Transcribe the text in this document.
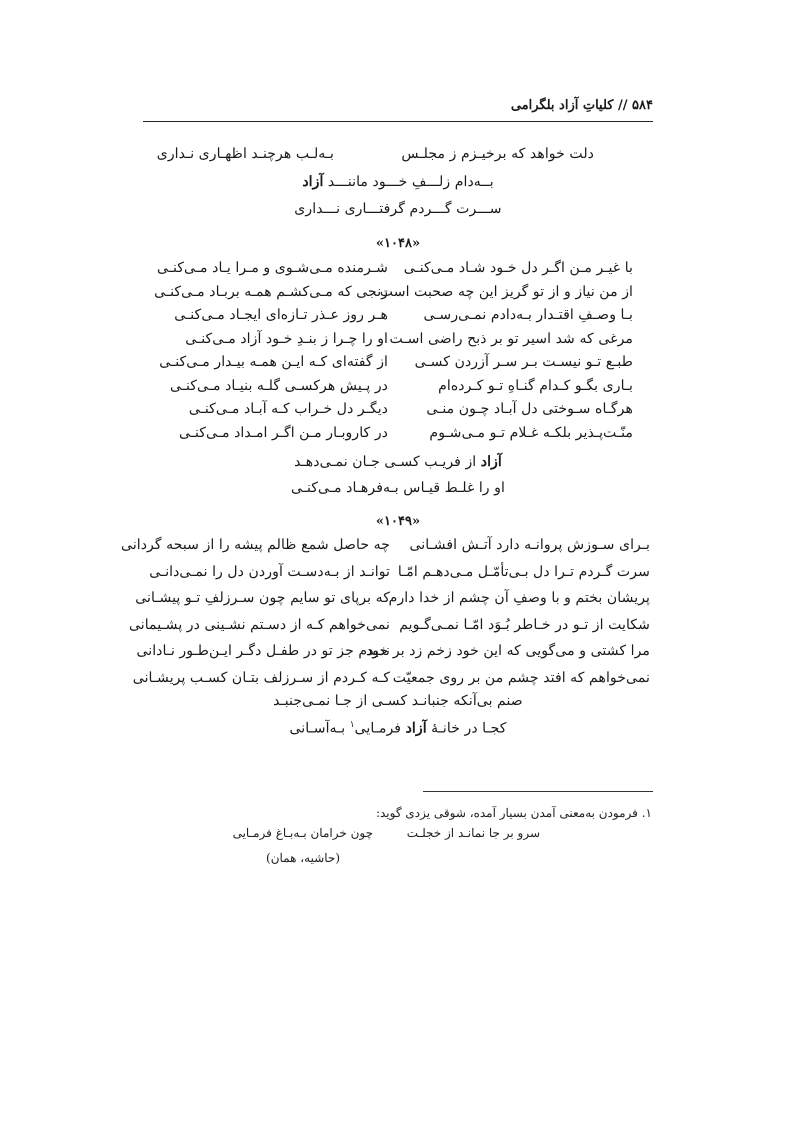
۵۸۴ // کلیاتِ آزاد بلگرامی
دلت خواهد که برخیـزم ز مجلـس
بـه‌لـب هرچنـد اظهـاری نـداری
بــه‌دام زلـــفِ خـــود ماننـــد آزاد
ســـرت گـــردم گرفتـــاری نـــداری
«۱۰۴۸»
با غیـر مـن اگـر دل خـود شـاد مـی‌کنـی
شـرمنده مـی‌شـوی و مـرا یـاد مـی‌کنـی
از من نیاز و از تو گریز این چه صحبت است
رنجی که مـی‌کشـم همـه بربـاد مـی‌کنـی
بـا وصـفِ اقتـدار بـه‌دادم نمـی‌رسـی
هـر روز عـذر تـازه‌ای ایجـاد مـی‌کنـی
مرغی که شد اسیر تو بر ذبح راضی اسـت
او را چـرا ز بنـدِ خـود آزاد مـی‌کنـی
طبـع تـو نیسـت بـر سـر آزردن کسـی
از گفته‌ای کـه ایـن همـه بیـدار مـی‌کنـی
بـاری بگـو کـدام گنـاهِ تـو کـرده‌ام
در پـیش هرکسـی گلـه بنیـاد مـی‌کنـی
هرگـاه سـوختی دل آبـاد چـون منـی
دیگـر دل خـراب کـه آبـاد مـی‌کنـی
منّـت‌پـذیر بلکـه غـلام تـو مـی‌شـوم
در کاروبـار مـن اگـر امـداد مـی‌کنـی
آزاد از فریـب کسـی جـان نمـی‌دهـد
او را غلـط قیـاس بـه‌فرهـاد مـی‌کنـی
«۱۰۴۹»
بـرای سـوزش پروانـه دارد آتـش افشـانی
چه حاصل شمع ظالم پیشه را از سبحه گردانی
سرت گـردم تـرا دل بـی‌تأمّـل مـی‌دهـم امّـا
توانـد از بـه‌دسـت آوردن دل را نمـی‌دانـی
پریشان بختم و با وصفِ آن چشم از خدا دارم
که برپای تو سایم چون سـرزلفِ تـو پیشـانی
شکایت از تـو در خـاطر بُـوَد امّـا نمـی‌گـویم
نمی‌خواهم کـه از دسـتم نشـینی در پشـیمانی
مرا کشتی و می‌گویی که این خود زخم زد بر خود
ندیدم جز تو در طفـل دگـر ایـن‌طـور نـادانی
نمی‌خواهم که افتد چشم من بر روی جمعیّت
کـه کـردم از سـرزلف بتـان کسـب پریشـانی
صنم بی‌آنکه جنبانـد کسـی از جـا نمـی‌جنبـد
کجـا در خانـهٔ آزاد فرمـایی$^۱$ بـه‌آسـانی
۱. فرمودن به‌معنی آمدن بسیار آمده، شوقی یزدی گوید:
سرو بر جا نمانـد از خجلـت
چون خرامان بـه‌بـاغ فرمـایی
(حاشیه، همان)
